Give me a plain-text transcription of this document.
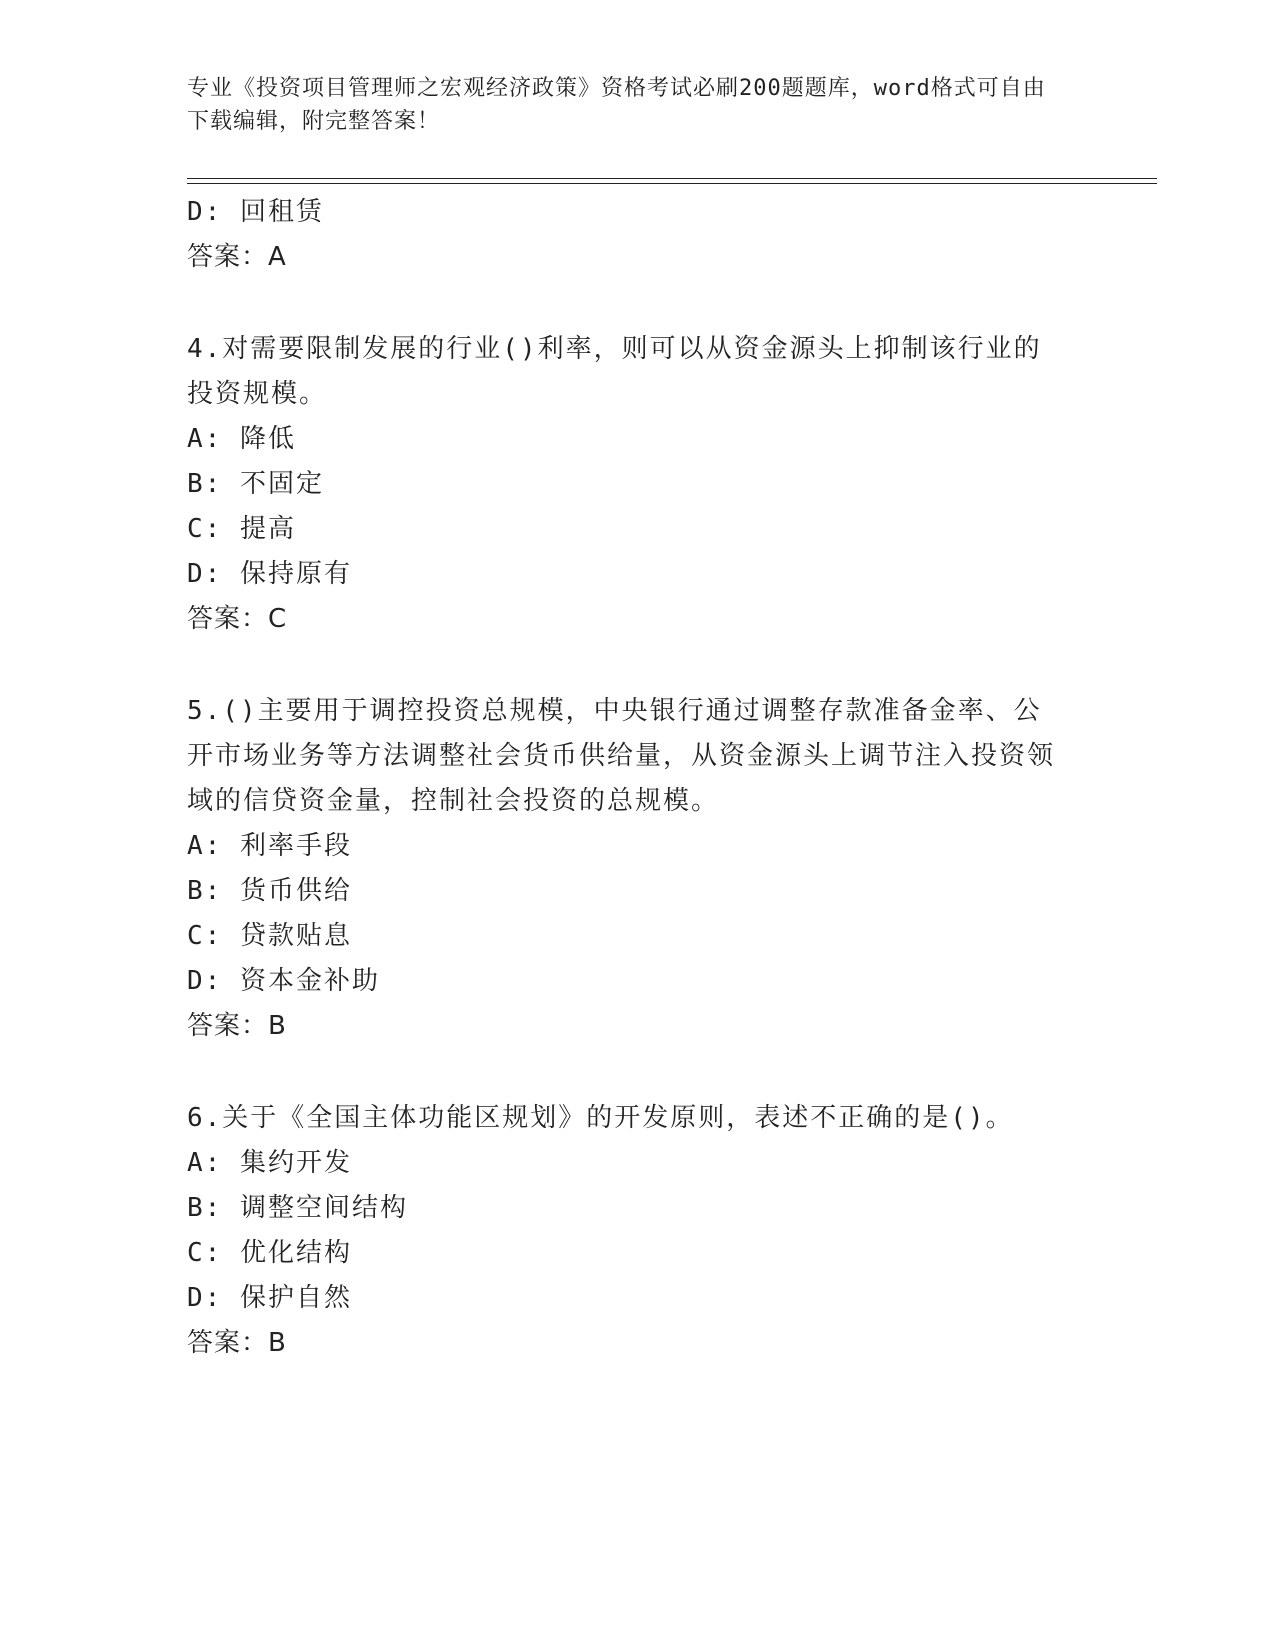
专业《投资项目管理师之宏观经济政策》资格考试必刷200题题库，word格式可自由下载编辑，附完整答案！
D: 回租赁
答案：A
4.对需要限制发展的行业()利率，则可以从资金源头上抑制该行业的投资规模。
A: 降低
B: 不固定
C: 提高
D: 保持原有
答案：C
5.()主要用于调控投资总规模，中央银行通过调整存款准备金率、公开市场业务等方法调整社会货币供给量，从资金源头上调节注入投资领域的信贷资金量，控制社会投资的总规模。
A: 利率手段
B: 货币供给
C: 贷款贴息
D: 资本金补助
答案：B
6.关于《全国主体功能区规划》的开发原则，表述不正确的是()。
A: 集约开发
B: 调整空间结构
C: 优化结构
D: 保护自然
答案：B
